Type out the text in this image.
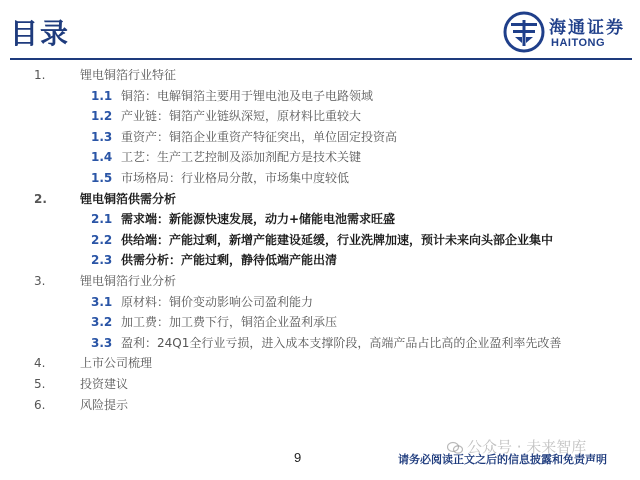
目录	海通证券
HAITONG
1.	锂电铜箔行业特征
1.1 铜箔：电解铜箔主要用于锂电池及电子电路领域
1.2 产业链：铜箔产业链纵深短，原材料比重较大
1.3 重资产：铜箔企业重资产特征突出，单位固定投资高
1.4 工艺：生产工艺控制及添加剂配方是技术关键
1.5 市场格局：行业格局分散，市场集中度较低
2.	锂电铜箔供需分析
2.1 需求端：新能源快速发展，动力+储能电池需求旺盛
2.2 供给端：产能过剩，新增产能建设延缓，行业洗牌加速，预计未来向头部企业集中
2.3 供需分析：产能过剩，静待低端产能出清
3.	锂电铜箔行业分析
3.1 原材料：铜价变动影响公司盈利能力
3.2 加工费：加工费下行，铜箔企业盈利承压
3.3 盈利：24Q1全行业亏损，进入成本支撑阶段，高端产品占比高的企业盈利率先改善
4.	上市公司梳理
5.	投资建议
6.	风险提示
公众号 · 未来智库
9	请务必阅读正文之后的信息披露和免责声明
